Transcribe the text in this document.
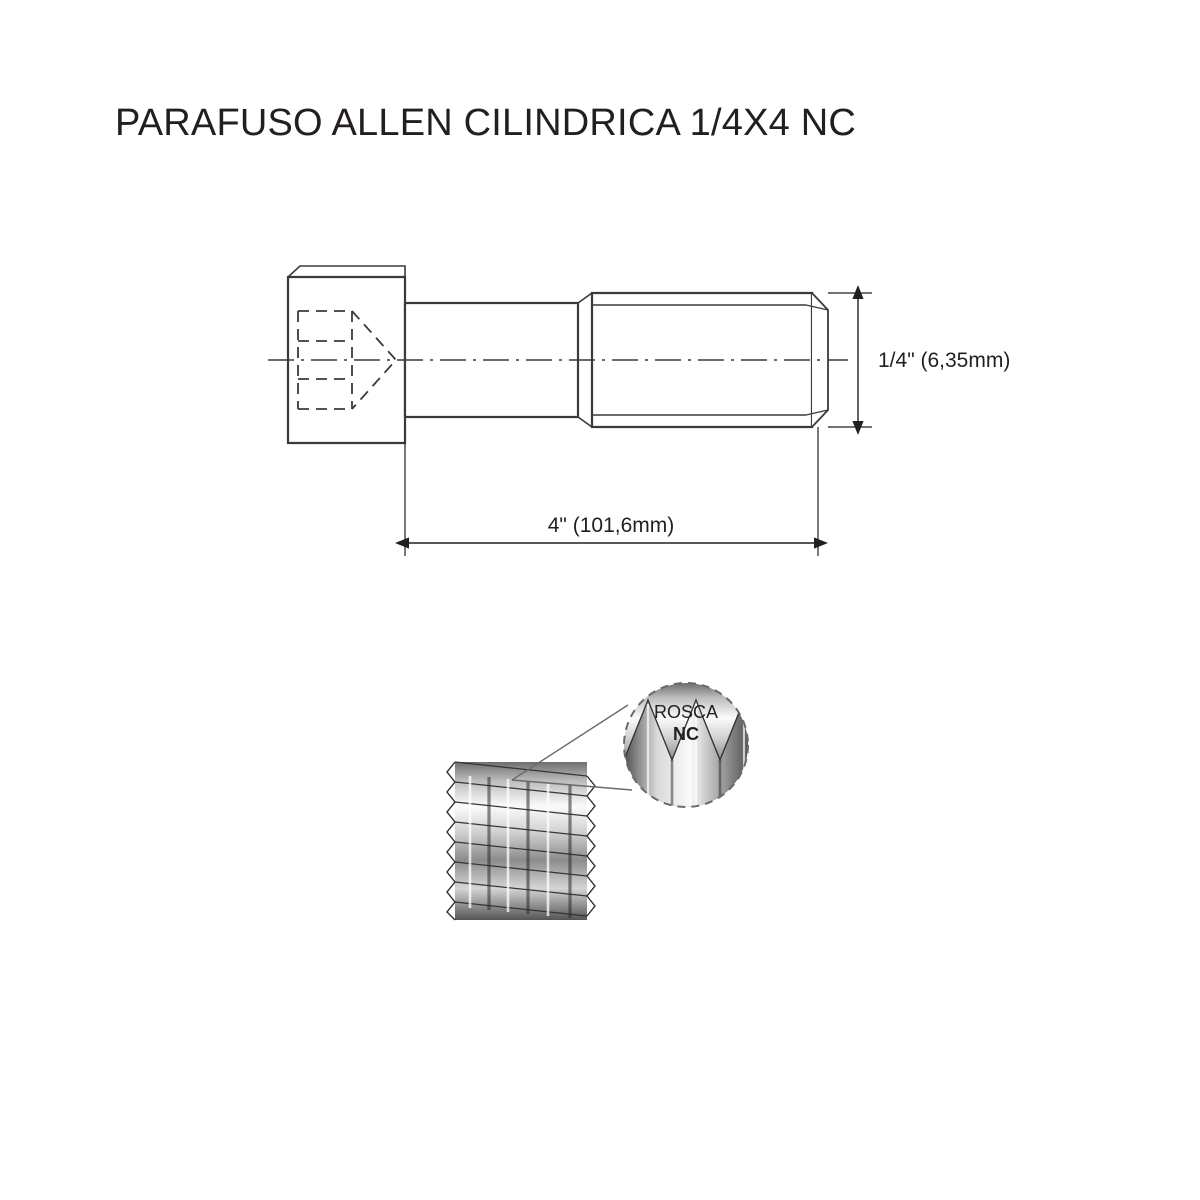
PARAFUSO ALLEN CILINDRICA 1/4X4 NC
1/4" (6,35mm)
4" (101,6mm)
ROSCA
NC
